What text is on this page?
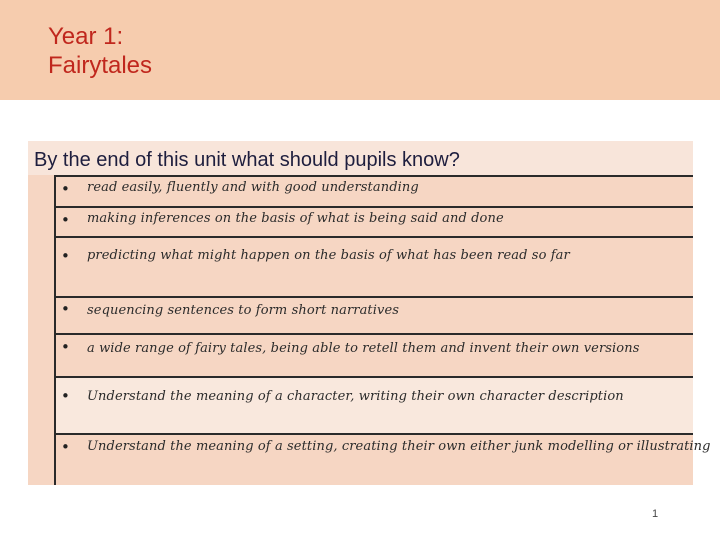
Year 1:
Fairytales
By the end of this unit what should pupils know?
• read easily, fluently and with good understanding
• making inferences on the basis of what is being said and done
• predicting what might happen on the basis of what has been read so far
• sequencing sentences to form short narratives
• a wide range of fairy tales, being able to retell them and invent their own versions
• Understand the meaning of a character, writing their own character description
• Understand the meaning of a setting, creating their own either junk modelling or illustrating
1
